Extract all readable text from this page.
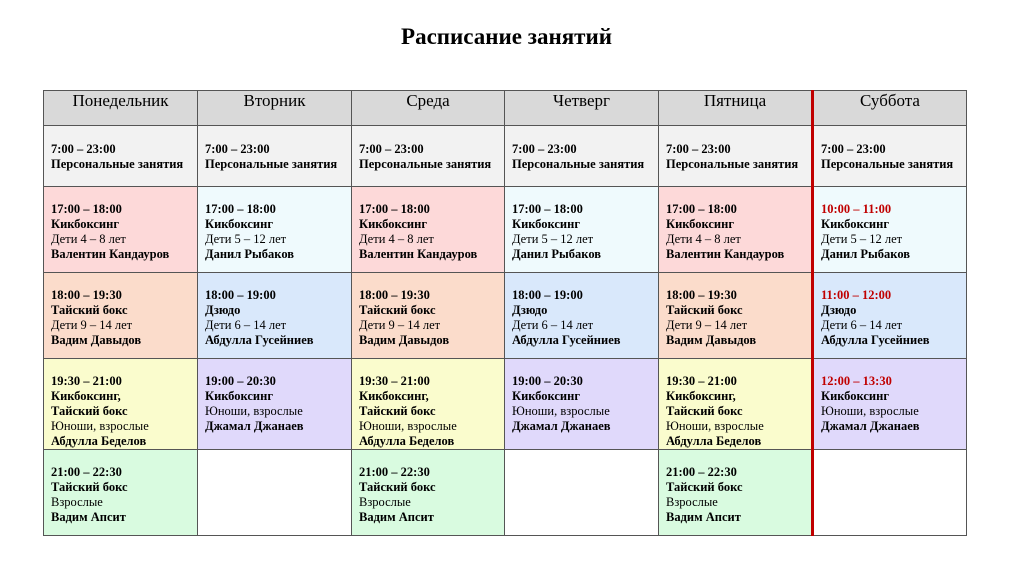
Расписание занятий
Понедельник	Вторник	Среда	Четверг	Пятница	Суббота

7:00 – 23:00
Персональные занятия	7:00 – 23:00
Персональные занятия	7:00 – 23:00
Персональные занятия	7:00 – 23:00
Персональные занятия	7:00 – 23:00
Персональные занятия	7:00 – 23:00
Персональные занятия

17:00 – 18:00
Кикбоксинг
Дети 4 – 8 лет
Валентин Кандауров	17:00 – 18:00
Кикбоксинг
Дети 5 – 12 лет
Данил Рыбаков	17:00 – 18:00
Кикбоксинг
Дети 4 – 8 лет
Валентин Кандауров	17:00 – 18:00
Кикбоксинг
Дети 5 – 12 лет
Данил Рыбаков	17:00 – 18:00
Кикбоксинг
Дети 4 – 8 лет
Валентин Кандауров	10:00 – 11:00
Кикбоксинг
Дети 5 – 12 лет
Данил Рыбаков

18:00 – 19:30
Тайский бокс
Дети 9 – 14 лет
Вадим Давыдов	18:00 – 19:00
Дзюдо
Дети 6 – 14 лет
Абдулла Гусейниев	18:00 – 19:30
Тайский бокс
Дети 9 – 14 лет
Вадим Давыдов	18:00 – 19:00
Дзюдо
Дети 6 – 14 лет
Абдулла Гусейниев	18:00 – 19:30
Тайский бокс
Дети 9 – 14 лет
Вадим Давыдов	11:00 – 12:00
Дзюдо
Дети 6 – 14 лет
Абдулла Гусейниев

19:30 – 21:00
Кикбоксинг,
Тайский бокс
Юноши, взрослые
Абдулла Беделов	19:00 – 20:30
Кикбоксинг
Юноши, взрослые
Джамал Джанаев	19:30 – 21:00
Кикбоксинг,
Тайский бокс
Юноши, взрослые
Абдулла Беделов	19:00 – 20:30
Кикбоксинг
Юноши, взрослые
Джамал Джанаев	19:30 – 21:00
Кикбоксинг,
Тайский бокс
Юноши, взрослые
Абдулла Беделов	12:00 – 13:30
Кикбоксинг
Юноши, взрослые
Джамал Джанаев

21:00 – 22:30
Тайский бокс
Взрослые
Вадим Апсит		21:00 – 22:30
Тайский бокс
Взрослые
Вадим Апсит		21:00 – 22:30
Тайский бокс
Взрослые
Вадим Апсит	
